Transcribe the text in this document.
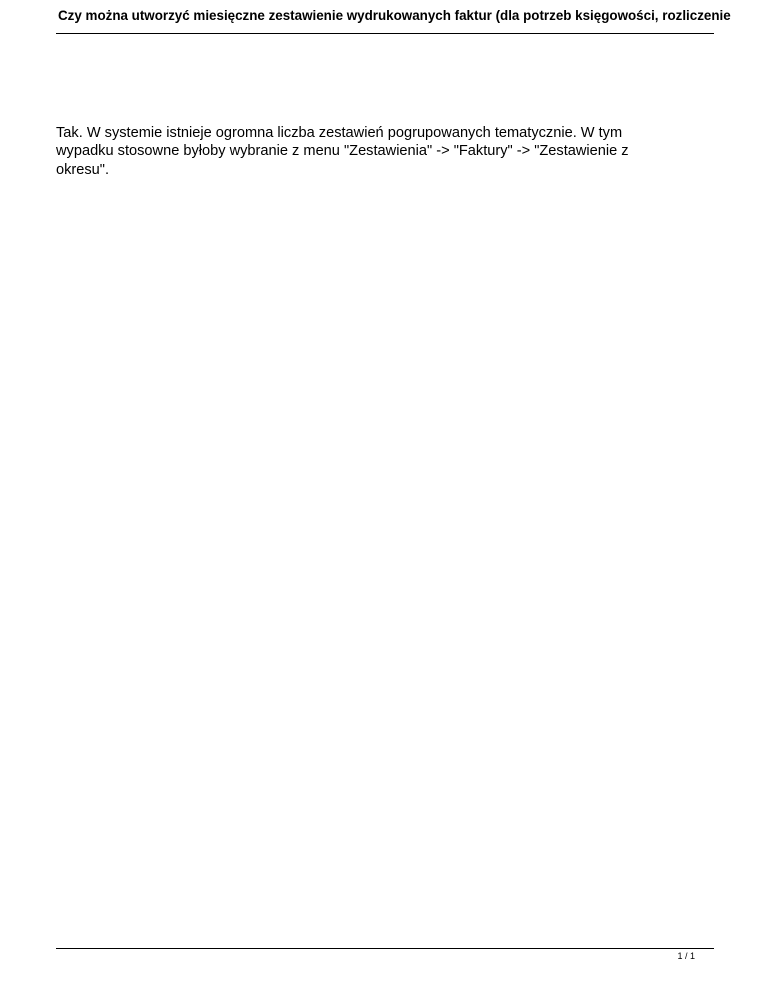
Czy można utworzyć miesięczne zestawienie wydrukowanych faktur (dla potrzeb księgowości, rozliczenie

Tak. W systemie istnieje ogromna liczba zestawień pogrupowanych tematycznie. W tym wypadku stosowne byłoby wybranie z menu "Zestawienia" -> "Faktury" -> "Zestawienie z okresu".

1 / 1
